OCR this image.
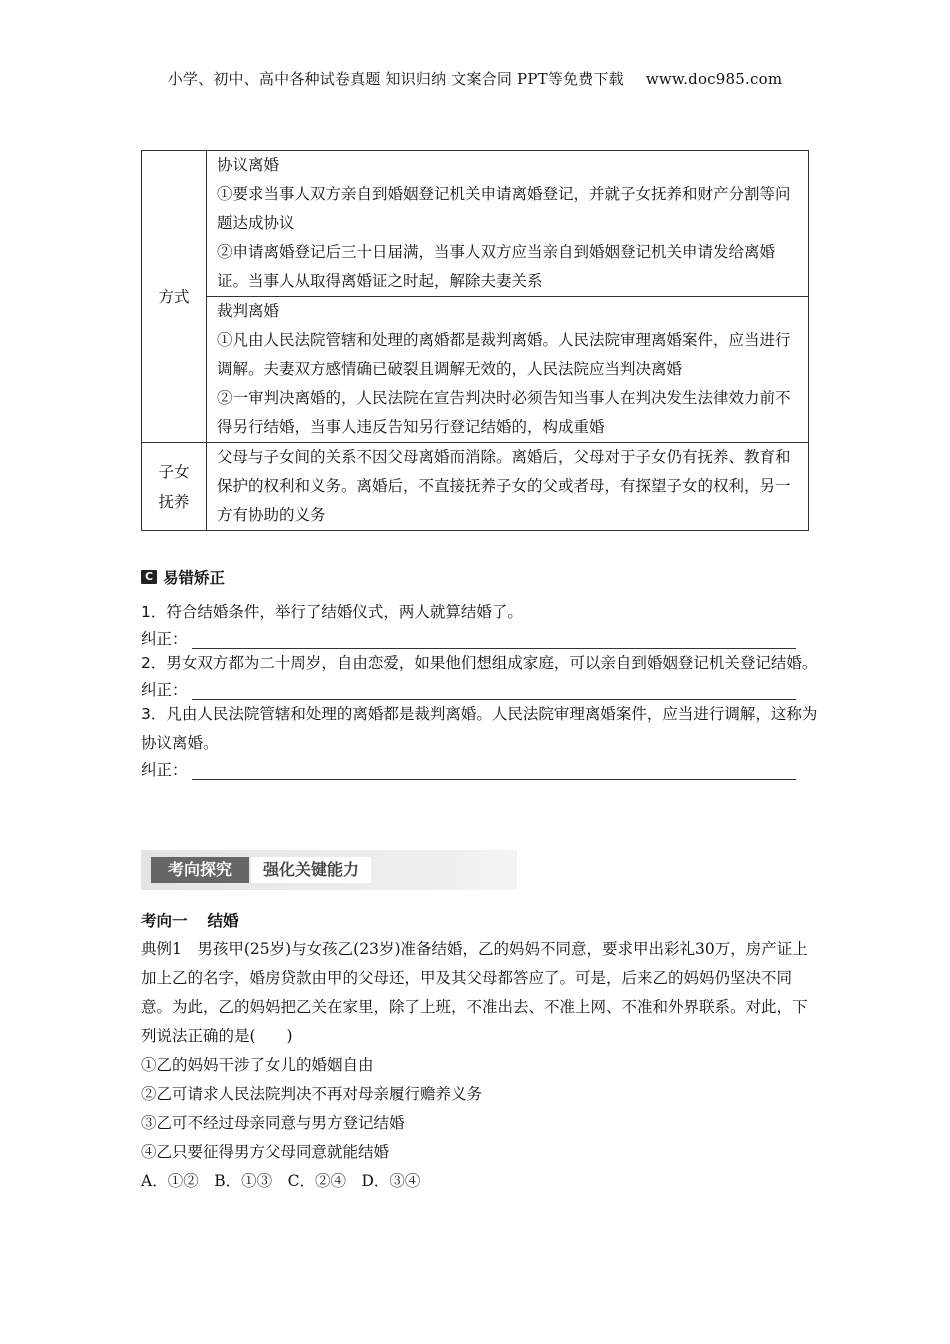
小学、初中、高中各种试卷真题 知识归纳 文案合同 PPT等免费下载 www.doc985.com
方式	协议离婚
①要求当事人双方亲自到婚姻登记机关申请离婚登记，并就子女抚养和财产分割等问题达成协议
②申请离婚登记后三十日届满，当事人双方应当亲自到婚姻登记机关申请发给离婚证。当事人从取得离婚证之时起，解除夫妻关系

	裁判离婚
①凡由人民法院管辖和处理的离婚都是裁判离婚。人民法院审理离婚案件，应当进行调解。夫妻双方感情确已破裂且调解无效的，人民法院应当判决离婚
②一审判决离婚的，人民法院在宣告判决时必须告知当事人在判决发生法律效力前不得另行结婚，当事人违反告知另行登记结婚的，构成重婚

子女
抚养	父母与子女间的关系不因父母离婚而消除。离婚后，父母对于子女仍有抚养、教育和保护的权利和义务。离婚后，不直接抚养子女的父或者母，有探望子女的权利，另一方有协助的义务
C 易错矫正

1．符合结婚条件，举行了结婚仪式，两人就算结婚了。

纠正：

2．男女双方都为二十周岁，自由恋爱，如果他们想组成家庭，可以亲自到婚姻登记机关登记结婚。

纠正：

3．凡由人民法院管辖和处理的离婚都是裁判离婚。人民法院审理离婚案件，应当进行调解，这称为协议离婚。

纠正：
考向探究	强化关键能力

考向一 结婚

典例1　男孩甲(25岁)与女孩乙(23岁)准备结婚，乙的妈妈不同意，要求甲出彩礼30万，房产证上加上乙的名字，婚房贷款由甲的父母还，甲及其父母都答应了。可是，后来乙的妈妈仍坚决不同意。为此，乙的妈妈把乙关在家里，除了上班，不准出去、不准上网、不准和外界联系。对此，下列说法正确的是(　　)

①乙的妈妈干涉了女儿的婚姻自由

②乙可请求人民法院判决不再对母亲履行赡养义务

③乙可不经过母亲同意与男方登记结婚

④乙只要征得男方父母同意就能结婚

A．①②　B．①③　C．②④　D．③④
